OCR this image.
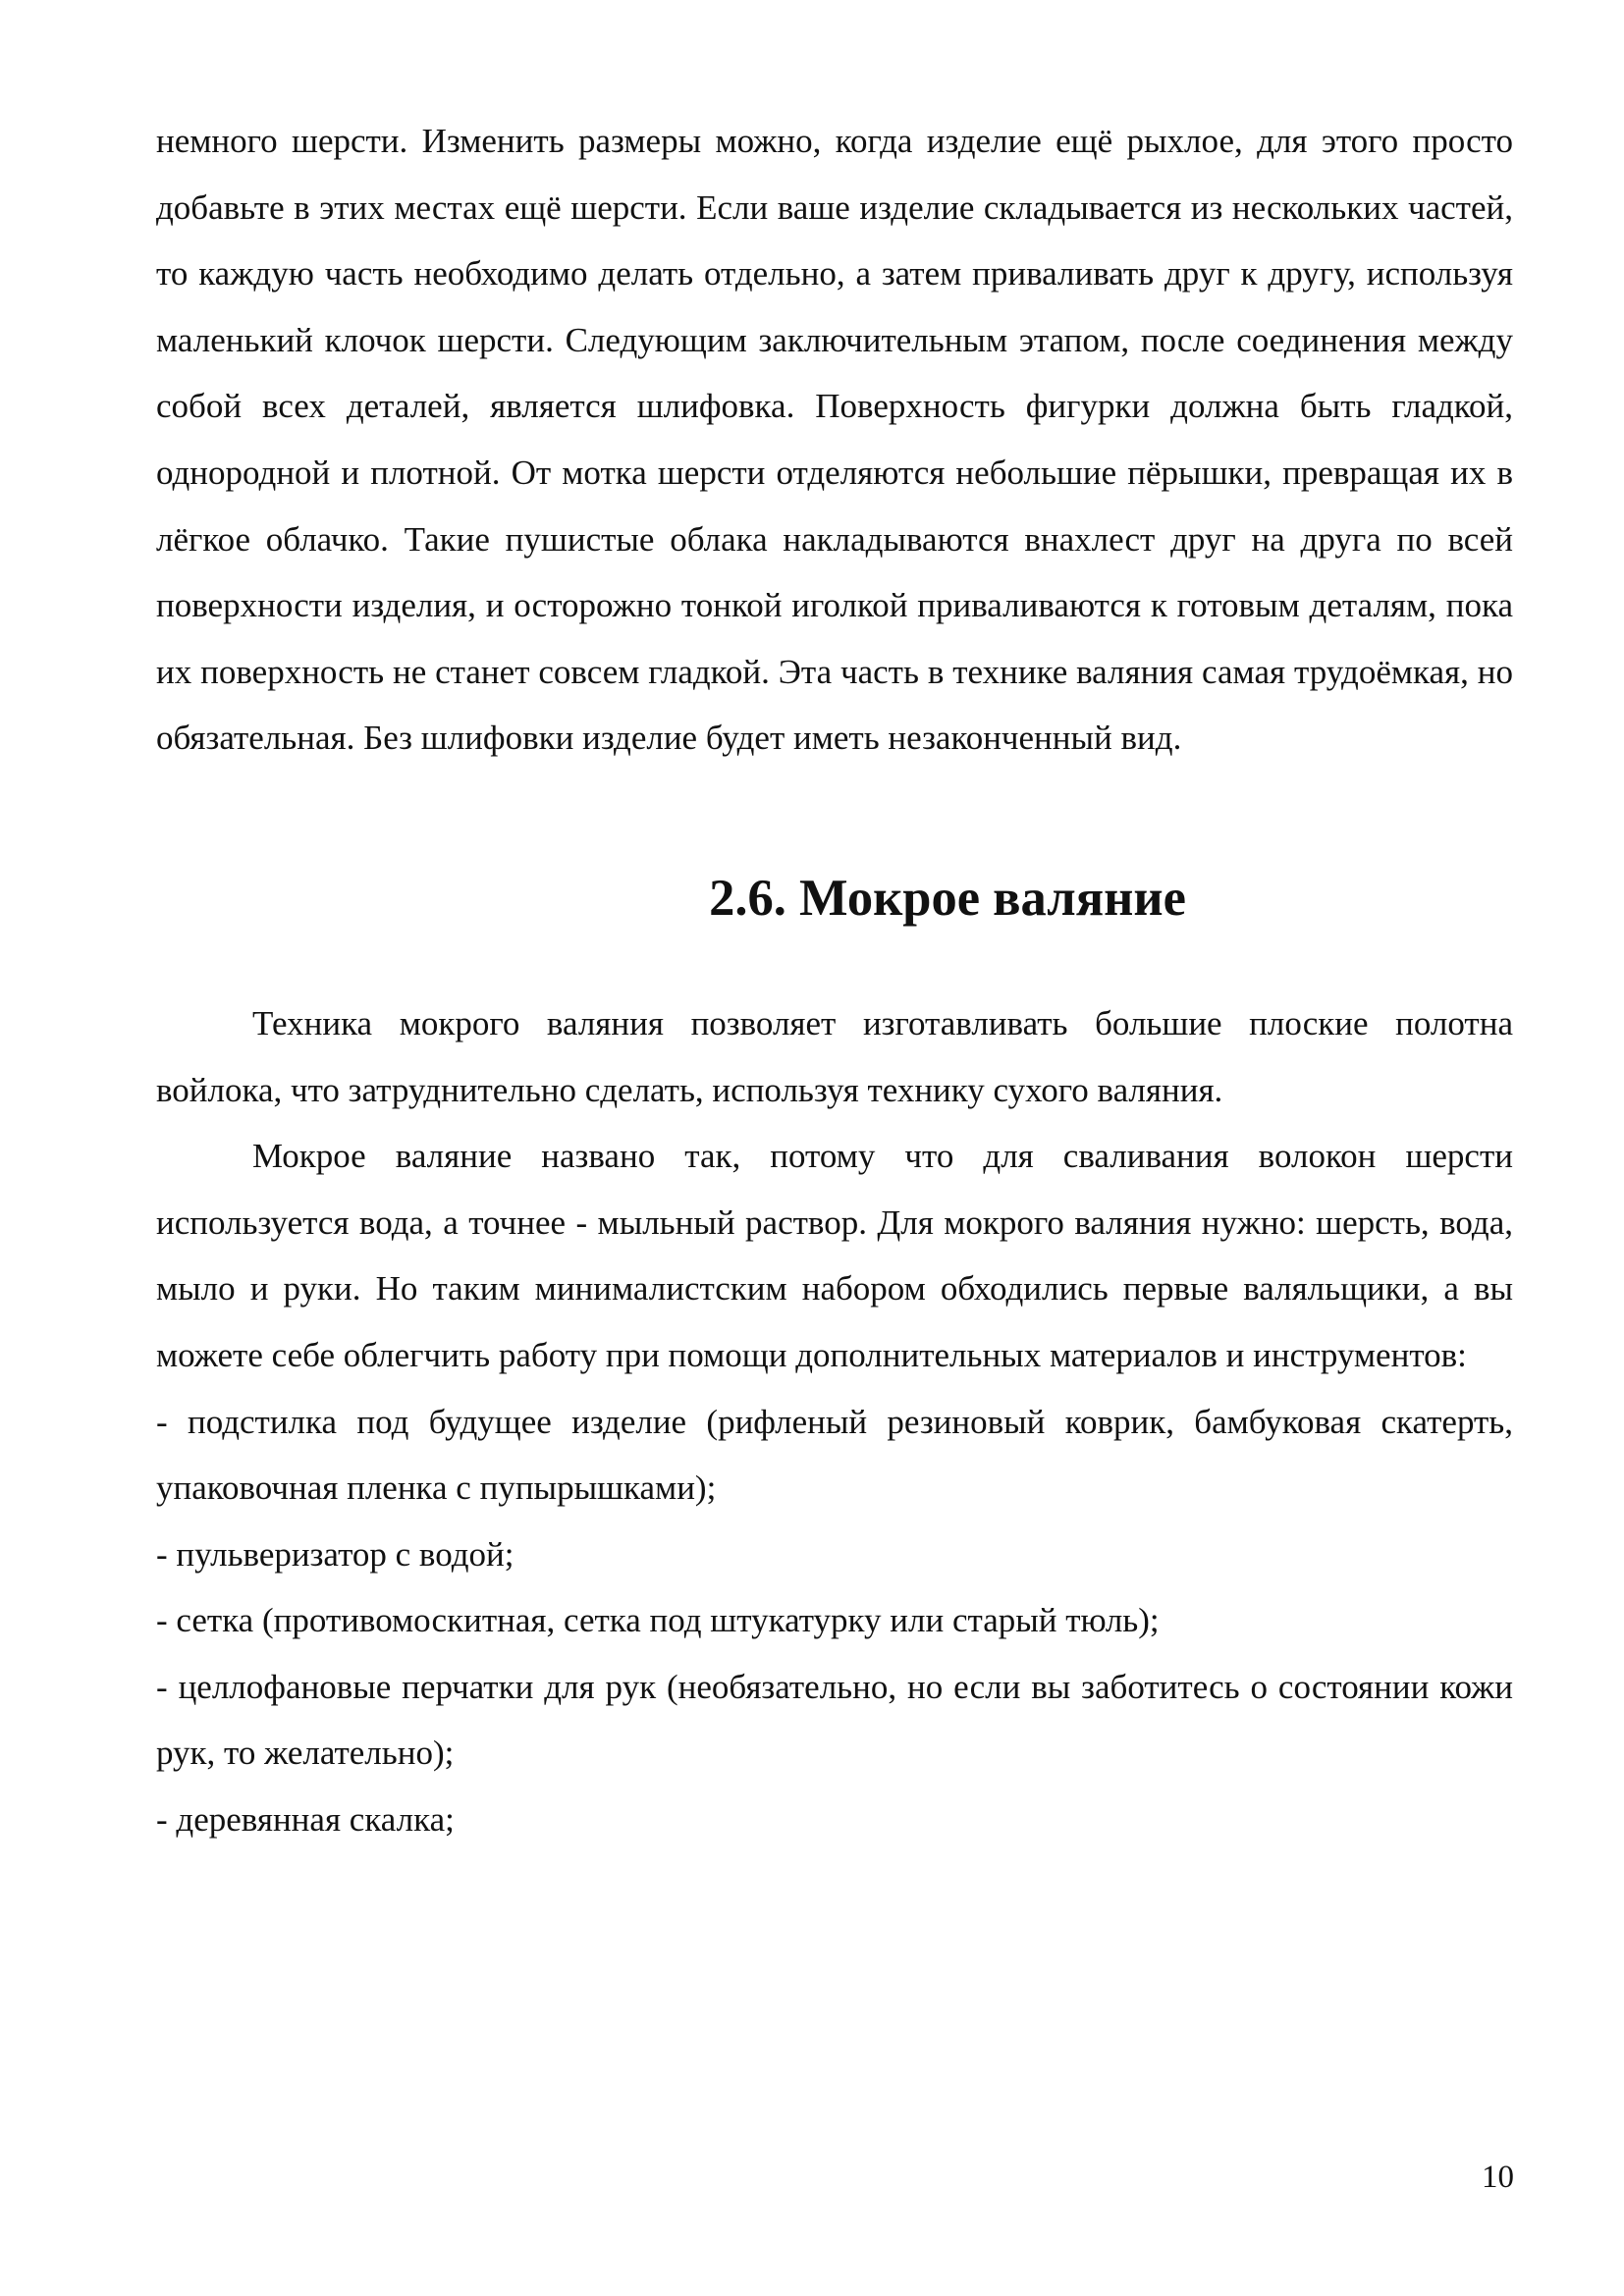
немного шерсти. Изменить размеры можно, когда изделие ещё рыхлое, для этого просто добавьте в этих местах ещё шерсти. Если ваше изделие складывается из нескольких частей, то каждую часть необходимо делать отдельно, а затем приваливать друг к другу, используя маленький клочок шерсти. Следующим заключительным этапом, после соединения между собой всех деталей, является шлифовка. Поверхность фигурки должна быть гладкой, однородной и плотной. От мотка шерсти отделяются небольшие пёрышки, превращая их в лёгкое облачко. Такие пушистые облака накладываются внахлест друг на друга по всей поверхности изделия, и осторожно тонкой иголкой приваливаются к готовым деталям, пока их поверхность не станет совсем гладкой. Эта часть в технике валяния самая трудоёмкая, но обязательная. Без шлифовки изделие будет иметь незаконченный вид.

2.6. Мокрое валяние

Техника мокрого валяния позволяет изготавливать большие плоские полотна войлока, что затруднительно сделать, используя технику сухого валяния.

Мокрое валяние названо так, потому что для сваливания волокон шерсти используется вода, а точнее - мыльный раствор. Для мокрого валяния нужно: шерсть, вода, мыло и руки. Но таким минималистским набором обходились первые валяльщики, а вы можете себе облегчить работу при помощи дополнительных материалов и инструментов:

- подстилка под будущее изделие (рифленый резиновый коврик, бамбуковая скатерть, упаковочная пленка с пупырышками);

- пульверизатор с водой;

- сетка (противомоскитная, сетка под штукатурку или старый тюль);

- целлофановые перчатки для рук (необязательно, но если вы заботитесь о состоянии кожи рук, то желательно);

- деревянная скалка;

10
